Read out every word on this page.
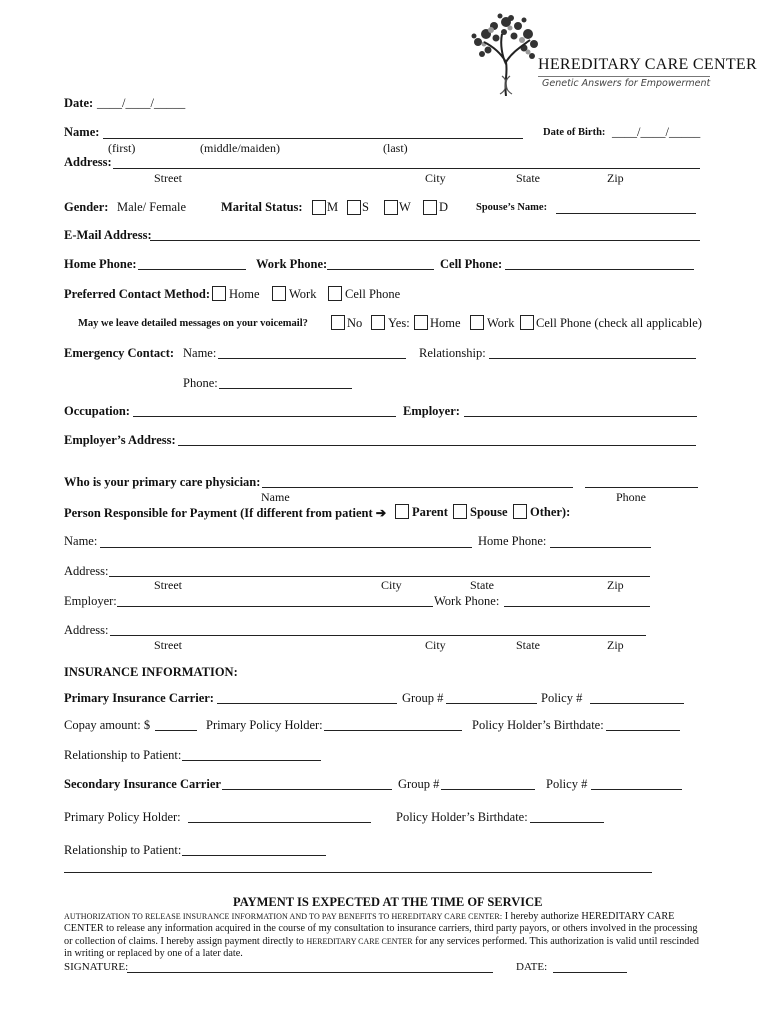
HEREDITARY CARE CENTER
Genetic Answers for Empowerment
Date: ____/____/_____
Name:	Date of Birth: ____/____/_____
(first)	(middle/maiden)	(last)
Address:
Street	City	State	Zip
Gender: Male/ Female	Marital Status: M S W D	Spouse’s Name:
E-Mail Address:
Home Phone:	Work Phone:	Cell Phone:
Preferred Contact Method: Home Work Cell Phone
May we leave detailed messages on your voicemail?	No Yes: Home Work Cell Phone (check all applicable)
Emergency Contact: Name:	Relationship:
Phone:
Occupation:	Employer:
Employer’s Address:
Who is your primary care physician:
Name	Phone
Person Responsible for Payment (If different from patient ➔ Parent Spouse Other):
Name:	Home Phone:
Address:
Street	City	State	Zip
Employer:	Work Phone:
Address:
Street	City	State	Zip
INSURANCE INFORMATION:
Primary Insurance Carrier:	Group #	Policy #
Copay amount: $	Primary Policy Holder:	Policy Holder’s Birthdate:
Relationship to Patient:
Secondary Insurance Carrier	Group #	Policy #
Primary Policy Holder:	Policy Holder’s Birthdate:
Relationship to Patient:
PAYMENT IS EXPECTED AT THE TIME OF SERVICE
AUTHORIZATION TO RELEASE INSURANCE INFORMATION AND TO PAY BENEFITS TO HEREDITARY CARE CENTER: I hereby authorize HEREDITARY CARE CENTER to release any information acquired in the course of my consultation to insurance carriers, third party payors, or others involved in the processing or collection of claims. I hereby assign payment directly to HEREDITARY CARE CENTER for any services performed. This authorization is valid until rescinded in writing or replaced by one of a later date.
SIGNATURE:	DATE:
